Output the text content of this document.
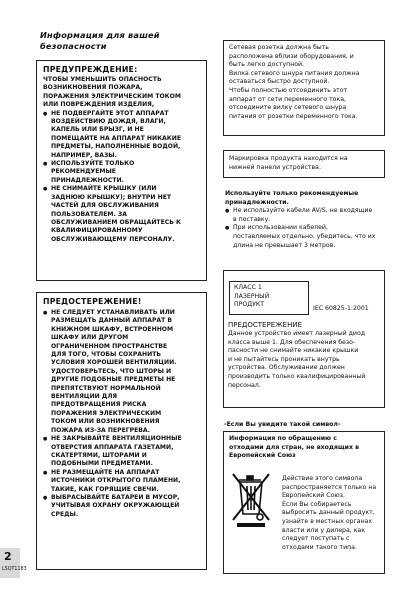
Информация для вашей
безопасности
ПРЕДУПРЕЖДЕНИЕ:
ЧТОБЫ УМЕНЬШИТЬ ОПАСНОСТЬ
ВОЗНИКНОВЕНИЯ ПОЖАРА,
ПОРАЖЕНИЯ ЭЛЕКТРИЧЕСКИМ ТОКОМ
ИЛИ ПОВРЕЖДЕНИЯ ИЗДЕЛИЯ,
● НЕ ПОДВЕРГАЙТЕ ЭТОТ АППАРАТ
ВОЗДЕЙСТВИЮ ДОЖДЯ, ВЛАГИ,
КАПЕЛЬ ИЛИ БРЫЗГ, И НЕ
ПОМЕЩАЙТЕ НА АППАРАТ НИКАКИЕ
ПРЕДМЕТЫ, НАПОЛНЕННЫЕ ВОДОЙ,
НАПРИМЕР, ВАЗЫ.
● ИСПОЛЬЗУЙТЕ ТОЛЬКО
РЕКОМЕНДУЕМЫЕ
ПРИНАДЛЕЖНОСТИ.
● НЕ СНИМАЙТЕ КРЫШКУ (ИЛИ
ЗАДНЮЮ КРЫШКУ); ВНУТРИ НЕТ
ЧАСТЕЙ ДЛЯ ОБСЛУЖИВАНИЯ
ПОЛЬЗОВАТЕЛЕМ. ЗА
ОБСЛУЖИВАНИЕМ ОБРАЩАЙТЕСЬ К
КВАЛИФИЦИРОВАННОМУ
ОБСЛУЖИВАЮЩЕМУ ПЕРСОНАЛУ.
ПРЕДОСТЕРЕЖЕНИЕ!
● НЕ СЛЕДУЕТ УСТАНАВЛИВАТЬ ИЛИ
РАЗМЕЩАТЬ ДАННЫЙ АППАРАТ В
КНИЖНОМ ШКАФУ, ВСТРОЕННОМ
ШКАФУ ИЛИ ДРУГОМ
ОГРАНИЧЕННОМ ПРОСТРАНСТВЕ
ДЛЯ ТОГО, ЧТОБЫ СОХРАНИТЬ
УСЛОВИЯ ХОРОШЕЙ ВЕНТИЛЯЦИИ.
УДОСТОВЕРЬТЕСЬ, ЧТО ШТОРЫ И
ДРУГИЕ ПОДОБНЫЕ ПРЕДМЕТЫ НЕ
ПРЕПЯТСТВУЮТ НОРМАЛЬНОЙ
ВЕНТИЛЯЦИИ ДЛЯ
ПРЕДОТВРАЩЕНИЯ РИСКА
ПОРАЖЕНИЯ ЭЛЕКТРИЧЕСКИМ
ТОКОМ ИЛИ ВОЗНИКНОВЕНИЯ
ПОЖАРА ИЗ-ЗА ПЕРЕГРЕВА.
● НЕ ЗАКРЫВАЙТЕ ВЕНТИЛЯЦИОННЫЕ
ОТВЕРСТИЯ АППАРАТА ГАЗЕТАМИ,
СКАТЕРТЯМИ, ШТОРАМИ И
ПОДОБНЫМИ ПРЕДМЕТАМИ.
● НЕ РАЗМЕЩАЙТЕ НА АППАРАТ
ИСТОЧНИКИ ОТКРЫТОГО ПЛАМЕНИ,
ТАКИЕ, КАК ГОРЯЩИЕ СВЕЧИ.
● ВЫБРАСЫВАЙТЕ БАТАРЕИ В МУСОР,
УЧИТЫВАЯ ОХРАНУ ОКРУЖАЮЩЕЙ
СРЕДЫ.
2
LSQT1183
Сетевая розетка должна быть
расположена вблизи оборудования, и
быть легко доступной.
Вилка сетевого шнура питания должна
оставаться быстро доступной.
Чтобы полностью отсоединить этот
аппарат от сети переменного тока,
отсоедините вилку сетевого шнура
питания от розетки переменного тока.
Маркировка продукта находится на
нижней панели устройства.
Используйте только рекомендуемые
принадлежности.
● Не используйте кабели AV/S, не входящие
в поставку.
● При использовании кабелей,
поставляемых отдельно, убедитесь, что их
длина не превышает 3 метров.
КЛАСС 1
ЛАЗЕРНЫЙ
ПРОДУКТ
IEC 60825-1:2001
ПРЕДОСТЕРЕЖЕНИЕ
Данное устройство имеет лазерный диод
класса выше 1. Для обеспечения безо-
пасности не снимайте никакие крышки
и не пытайтесь проникать внутрь
устройства. Обслуживание должен
производить только квалифицированный
персонал.
-Если Вы увидите такой символ-
Информация по обращению с
отходами для стран, не входящих в
Европейский Союз
Действие этого символа
распространяется только на
Европейский Союз.
Если Вы собираетесь
выбросить данный продукт,
узнайте в местных органах
власти или у дилера, как
следует поступать с
отходами такого типа.
